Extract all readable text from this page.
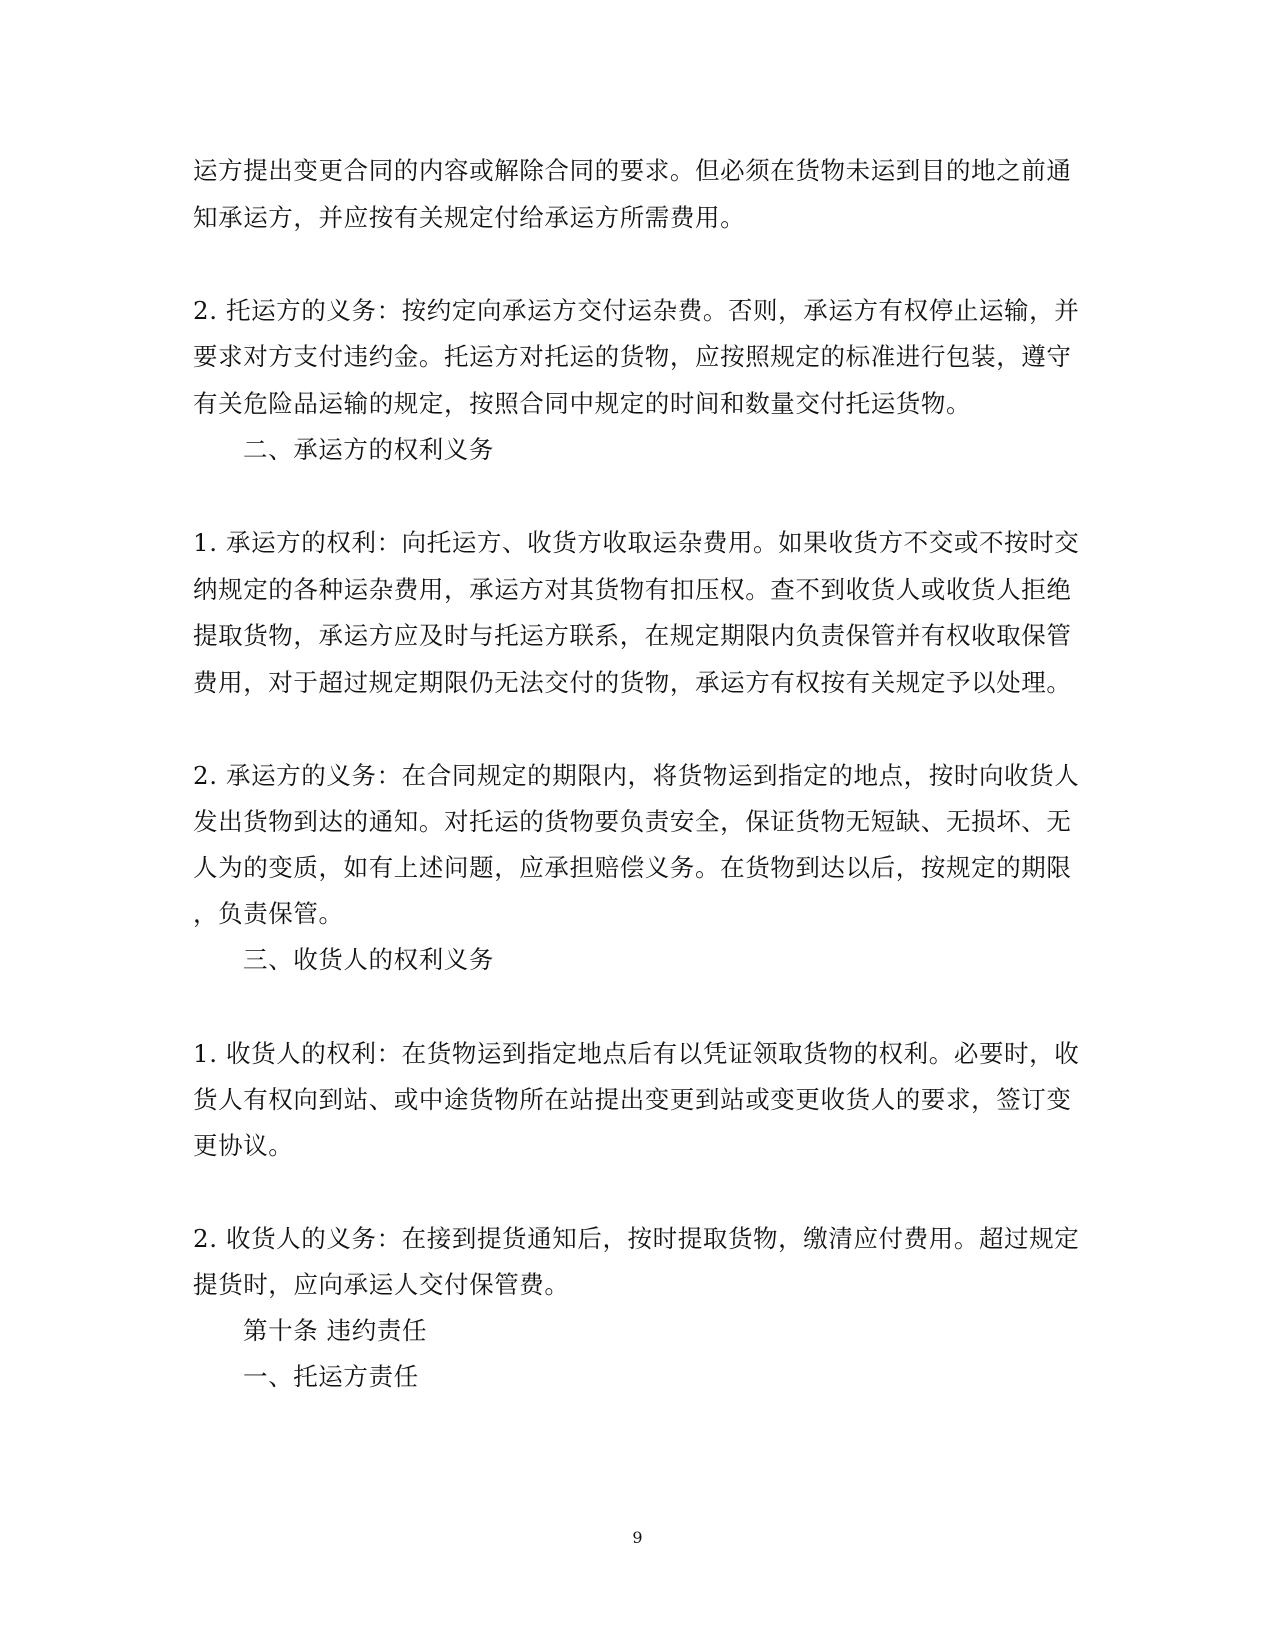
运方提出变更合同的内容或解除合同的要求。但必须在货物未运到目的地之前通
知承运方，并应按有关规定付给承运方所需费用。
2. 托运方的义务：按约定向承运方交付运杂费。否则，承运方有权停止运输，并
要求对方支付违约金。托运方对托运的货物，应按照规定的标准进行包装，遵守
有关危险品运输的规定，按照合同中规定的时间和数量交付托运货物。
二、承运方的权利义务
1. 承运方的权利：向托运方、收货方收取运杂费用。如果收货方不交或不按时交
纳规定的各种运杂费用，承运方对其货物有扣压权。查不到收货人或收货人拒绝
提取货物，承运方应及时与托运方联系，在规定期限内负责保管并有权收取保管
费用，对于超过规定期限仍无法交付的货物，承运方有权按有关规定予以处理。
2. 承运方的义务：在合同规定的期限内，将货物运到指定的地点，按时向收货人
发出货物到达的通知。对托运的货物要负责安全，保证货物无短缺、无损坏、无
人为的变质，如有上述问题，应承担赔偿义务。在货物到达以后，按规定的期限
，负责保管。
三、收货人的权利义务
1. 收货人的权利：在货物运到指定地点后有以凭证领取货物的权利。必要时，收
货人有权向到站、或中途货物所在站提出变更到站或变更收货人的要求，签订变
更协议。
2. 收货人的义务：在接到提货通知后，按时提取货物，缴清应付费用。超过规定
提货时，应向承运人交付保管费。
第十条 违约责任
一、托运方责任
9
